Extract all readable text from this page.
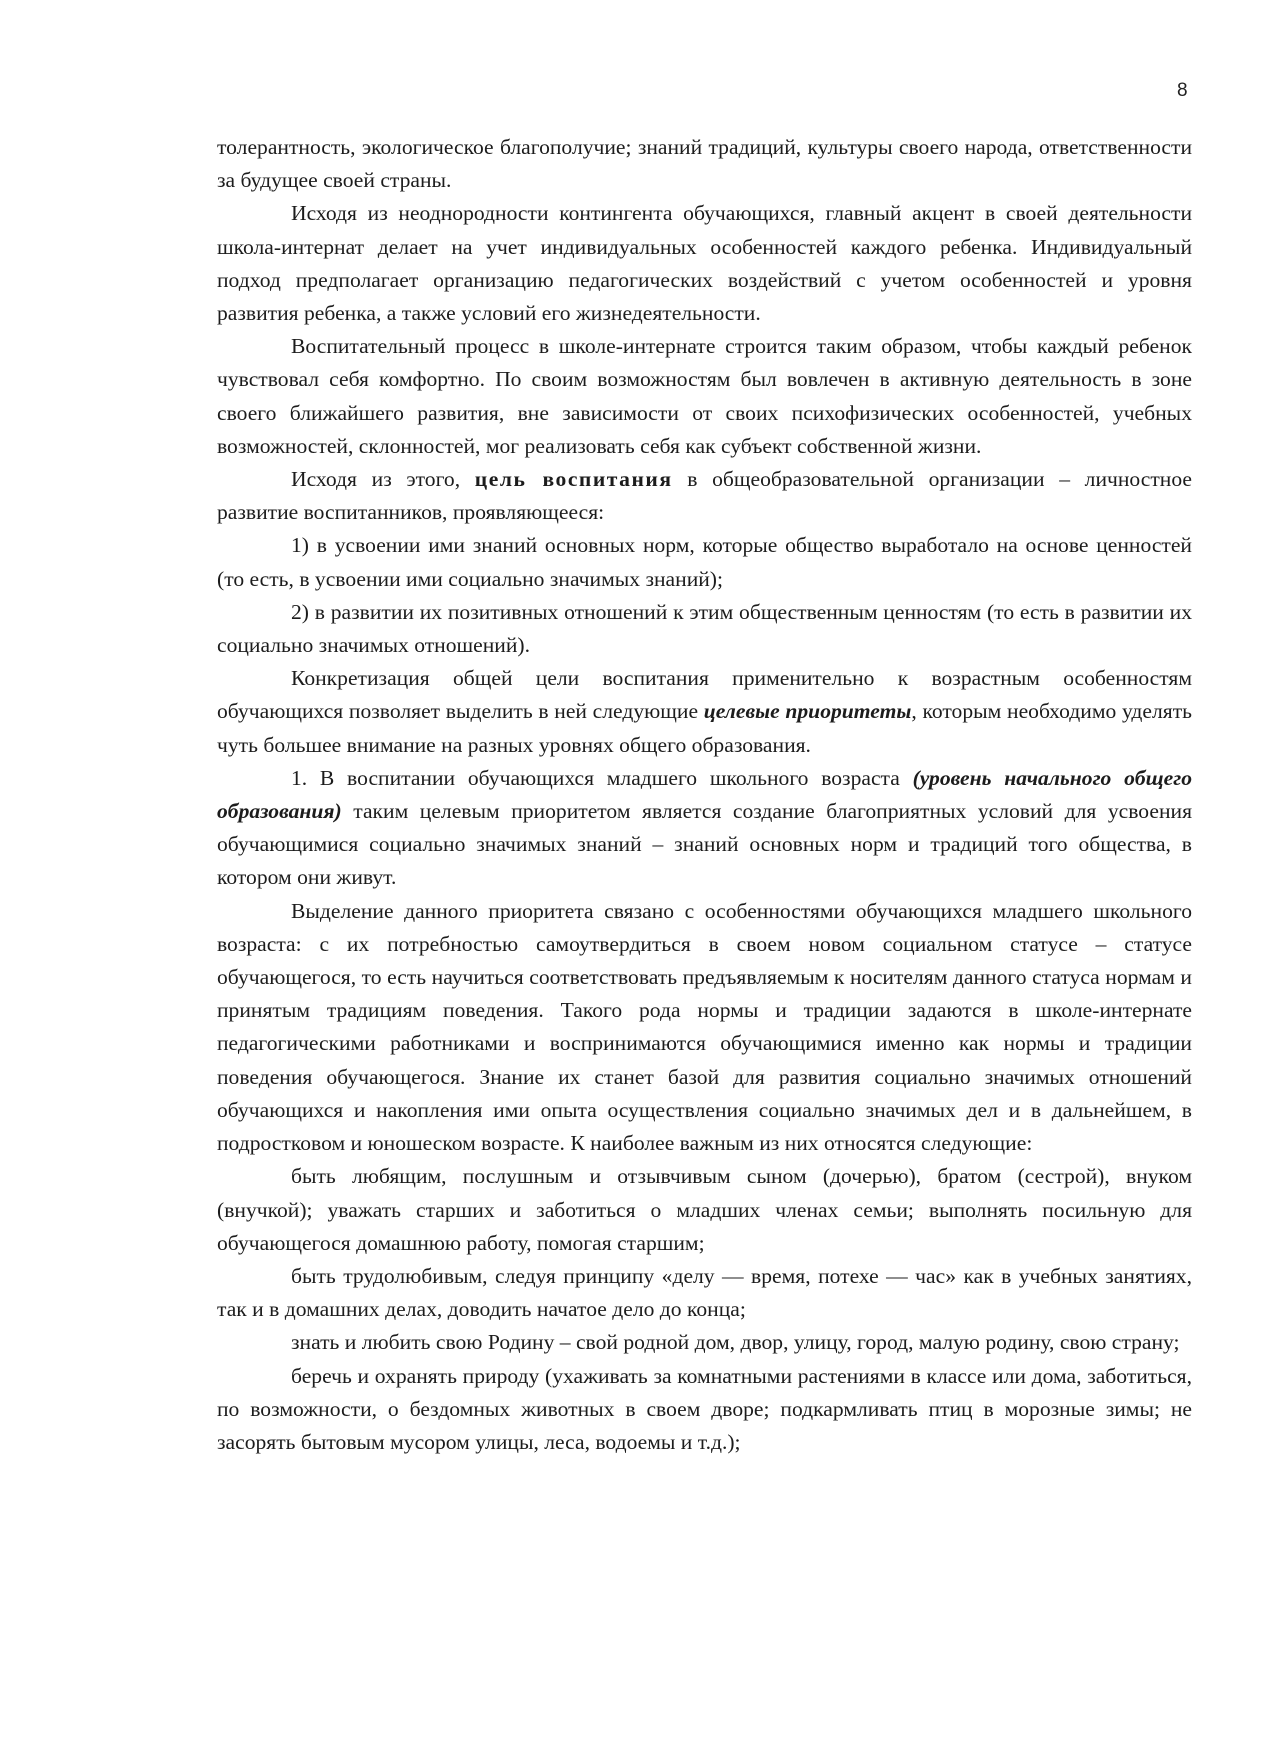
8

толерантность, экологическое благополучие; знаний традиций, культуры своего народа, ответственности за будущее своей страны.

Исходя из неоднородности контингента обучающихся, главный акцент в своей деятельности школа-интернат делает на учет индивидуальных особенностей каждого ребенка. Индивидуальный подход предполагает организацию педагогических воздействий с учетом особенностей и уровня развития ребенка, а также условий его жизнедеятельности.

Воспитательный процесс в школе-интернате строится таким образом, чтобы каждый ребенок чувствовал себя комфортно. По своим возможностям был вовлечен в активную деятельность в зоне своего ближайшего развития, вне зависимости от своих психофизических особенностей, учебных возможностей, склонностей, мог реализовать себя как субъект собственной жизни.

Исходя из этого, цель воспитания в общеобразовательной организации – личностное развитие воспитанников, проявляющееся:

1) в усвоении ими знаний основных норм, которые общество выработало на основе ценностей (то есть, в усвоении ими социально значимых знаний);

2) в развитии их позитивных отношений к этим общественным ценностям (то есть в развитии их социально значимых отношений).

Конкретизация общей цели воспитания применительно к возрастным особенностям обучающихся позволяет выделить в ней следующие целевые приоритеты, которым необходимо уделять чуть большее внимание на разных уровнях общего образования.

1. В воспитании обучающихся младшего школьного возраста (уровень начального общего образования) таким целевым приоритетом является создание благоприятных условий для усвоения обучающимися социально значимых знаний – знаний основных норм и традиций того общества, в котором они живут.

Выделение данного приоритета связано с особенностями обучающихся младшего школьного возраста: с их потребностью самоутвердиться в своем новом социальном статусе – статусе обучающегося, то есть научиться соответствовать предъявляемым к носителям данного статуса нормам и принятым традициям поведения. Такого рода нормы и традиции задаются в школе-интернате педагогическими работниками и воспринимаются обучающимися именно как нормы и традиции поведения обучающегося. Знание их станет базой для развития социально значимых отношений обучающихся и накопления ими опыта осуществления социально значимых дел и в дальнейшем, в подростковом и юношеском возрасте. К наиболее важным из них относятся следующие:

быть любящим, послушным и отзывчивым сыном (дочерью), братом (сестрой), внуком (внучкой); уважать старших и заботиться о младших членах семьи; выполнять посильную для обучающегося домашнюю работу, помогая старшим;

быть трудолюбивым, следуя принципу «делу — время, потехе — час» как в учебных занятиях, так и в домашних делах, доводить начатое дело до конца;

знать и любить свою Родину – свой родной дом, двор, улицу, город, малую родину, свою страну;

беречь и охранять природу (ухаживать за комнатными растениями в классе или дома, заботиться, по возможности, о бездомных животных в своем дворе; подкармливать птиц в морозные зимы; не засорять бытовым мусором улицы, леса, водоемы и т.д.);
